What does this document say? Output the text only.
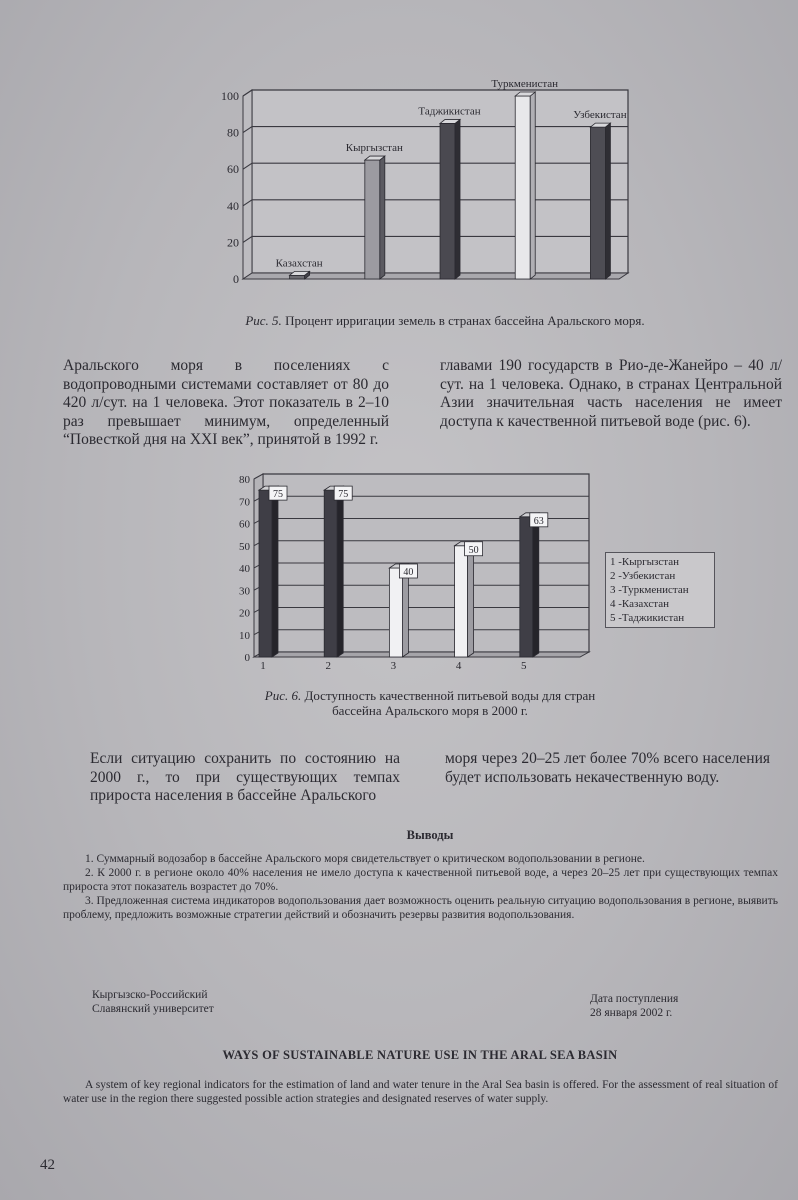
Казахстан
Кыргызстан
Таджикистан
Туркменистан
Узбекистан
0
20
40
60
80
100
Рис. 5. Процент ирригации земель в странах бассейна Аральского моря.

Аральского моря в поселениях с водопроводными системами составляет от 80 до 420 л/сут. на 1 человека. Этот показатель в 2–10 раз превышает минимум, определенный “Повесткой дня на XXI век”, принятой в 1992 г.

главами 190 государств в Рио-де-Жанейро – 40 л/сут. на 1 человека. Однако, в странах Центральной Азии значительная часть населения не имеет доступа к качественной питьевой воде (рис. 6).

75	75
40
50
63
0
10
20
30
40
50
60
70
80
1	2	3	4	5
1 -Кыргызстан
2 -Узбекистан
3 -Туркменистан
4 -Казахстан
5 -Таджикистан
Рис. 6. Доступность качественной питьевой воды для стран
бассейна Аральского моря в 2000 г.

Если ситуацию сохранить по состоянию на 2000 г., то при существующих темпах прироста населения в бассейне Аральского

моря через 20–25 лет более 70% всего населения будет использовать некачественную воду.

Выводы

1. Суммарный водозабор в бассейне Аральского моря свидетельствует о критическом водопользовании в регионе.

2. К 2000 г. в регионе около 40% населения не имело доступа к качественной питьевой воде, а через 20–25 лет при существующих темпах прироста этот показатель возрастет до 70%.

3. Предложенная система индикаторов водопользования дает возможность оценить реальную ситуацию водопользования в регионе, выявить проблему, предложить возможные стратегии действий и обозначить резервы развития водопользования.

Кыргызско-Российский
Славянский университет
Дата поступления
28 января 2002 г.
WAYS OF SUSTAINABLE NATURE USE IN THE ARAL SEA BASIN
A system of key regional indicators for the estimation of land and water tenure in the Aral Sea basin is offered. For the assessment of real situation of water use in the region there suggested possible action strategies and designated reserves of water supply.
42
